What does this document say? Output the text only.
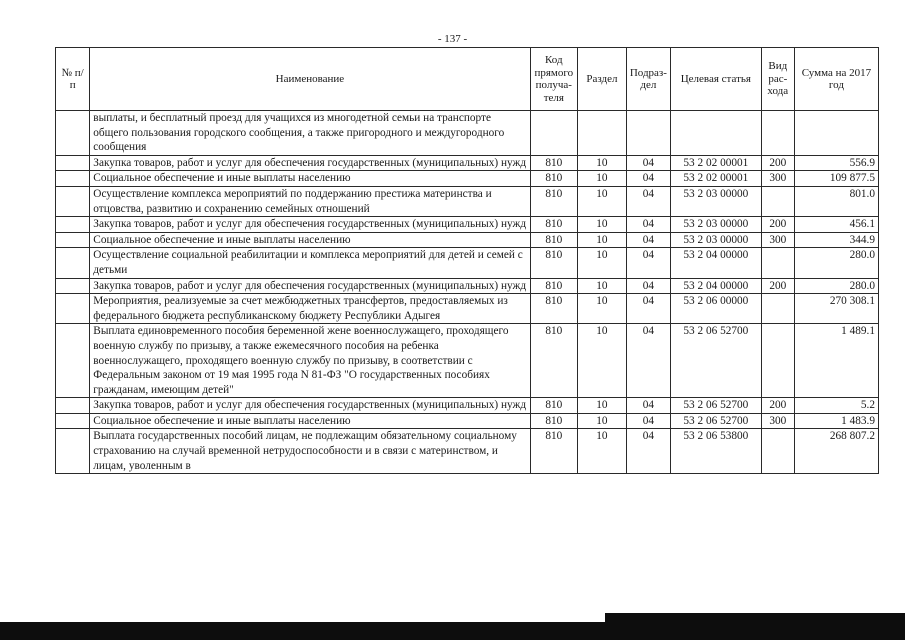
- 137 -
№ п/п	Наименование	Код прямого получа-теля	Раздел	Подраз-дел	Целевая статья	Вид рас-хода	Сумма на 2017 год
	выплаты, и бесплатный проезд для учащихся из многодетной семьи на транспорте общего пользования городского сообщения, а также пригородного и междугородного сообщения						
	Закупка товаров, работ и услуг для обеспечения государственных (муниципальных) нужд	810	10	04	53 2 02 00001	200	556.9
	Социальное обеспечение и иные выплаты населению	810	10	04	53 2 02 00001	300	109 877.5
	Осуществление комплекса мероприятий по поддержанию престижа материнства и отцовства, развитию и сохранению семейных отношений	810	10	04	53 2 03 00000		801.0
	Закупка товаров, работ и услуг для обеспечения государственных (муниципальных) нужд	810	10	04	53 2 03 00000	200	456.1
	Социальное обеспечение и иные выплаты населению	810	10	04	53 2 03 00000	300	344.9
	Осуществление социальной реабилитации и комплекса мероприятий для детей и семей с детьми	810	10	04	53 2 04 00000		280.0
	Закупка товаров, работ и услуг для обеспечения государственных (муниципальных) нужд	810	10	04	53 2 04 00000	200	280.0
	Мероприятия, реализуемые за счет межбюджетных трансфертов, предоставляемых из федерального бюджета республиканскому бюджету Республики Адыгея	810	10	04	53 2 06 00000		270 308.1
	Выплата единовременного пособия беременной жене военнослужащего, проходящего военную службу по призыву, а также ежемесячного пособия на ребенка военнослужащего, проходящего военную службу по призыву, в соответствии с Федеральным законом от 19 мая 1995 года N 81-ФЗ "О государственных пособиях гражданам, имеющим детей"	810	10	04	53 2 06 52700		1 489.1
	Закупка товаров, работ и услуг для обеспечения государственных (муниципальных) нужд	810	10	04	53 2 06 52700	200	5.2
	Социальное обеспечение и иные выплаты населению	810	10	04	53 2 06 52700	300	1 483.9
	Выплата государственных пособий лицам, не подлежащим обязательному социальному страхованию на случай временной нетрудоспособности и в связи с материнством, и лицам, уволенным в	810	10	04	53 2 06 53800		268 807.2
